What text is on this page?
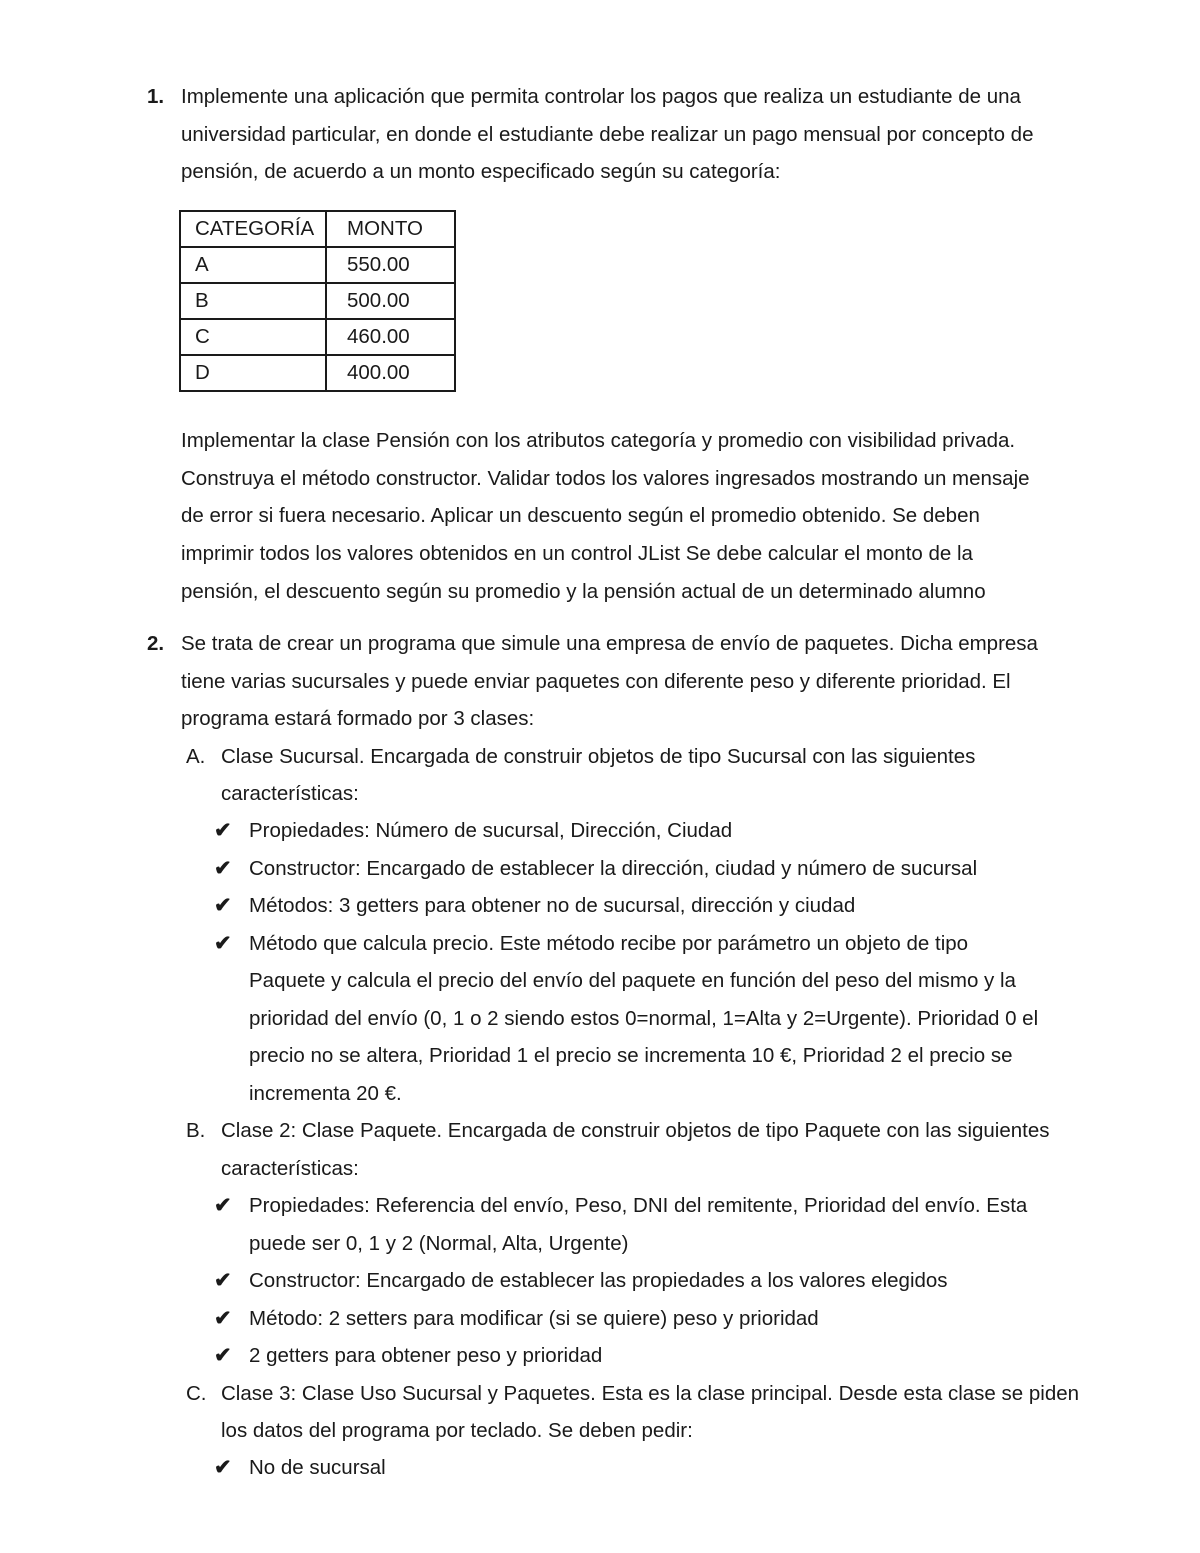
1. Implemente una aplicación que permita controlar los pagos que realiza un estudiante de una
universidad particular, en donde el estudiante debe realizar un pago mensual por concepto de
pensión, de acuerdo a un monto especificado según su categoría:
CATEGORÍA	MONTO
A	550.00
B	500.00
C	460.00
D	400.00
Implementar la clase Pensión con los atributos categoría y promedio con visibilidad privada.
Construya el método constructor. Validar todos los valores ingresados mostrando un mensaje
de error si fuera necesario. Aplicar un descuento según el promedio obtenido. Se deben
imprimir todos los valores obtenidos en un control JList Se debe calcular el monto de la
pensión, el descuento según su promedio y la pensión actual de un determinado alumno
2. Se trata de crear un programa que simule una empresa de envío de paquetes. Dicha empresa
tiene varias sucursales y puede enviar paquetes con diferente peso y diferente prioridad. El
programa estará formado por 3 clases:
A. Clase Sucursal. Encargada de construir objetos de tipo Sucursal con las siguientes
características:
✔ Propiedades: Número de sucursal, Dirección, Ciudad
✔ Constructor: Encargado de establecer la dirección, ciudad y número de sucursal
✔ Métodos: 3 getters para obtener no de sucursal, dirección y ciudad
✔ Método que calcula precio. Este método recibe por parámetro un objeto de tipo
Paquete y calcula el precio del envío del paquete en función del peso del mismo y la
prioridad del envío (0, 1 o 2 siendo estos 0=normal, 1=Alta y 2=Urgente). Prioridad 0 el
precio no se altera, Prioridad 1 el precio se incrementa 10 €, Prioridad 2 el precio se
incrementa 20 €.
B. Clase 2: Clase Paquete. Encargada de construir objetos de tipo Paquete con las siguientes
características:
✔ Propiedades: Referencia del envío, Peso, DNI del remitente, Prioridad del envío. Esta
puede ser 0, 1 y 2 (Normal, Alta, Urgente)
✔ Constructor: Encargado de establecer las propiedades a los valores elegidos
✔ Método: 2 setters para modificar (si se quiere) peso y prioridad
✔ 2 getters para obtener peso y prioridad
C. Clase 3: Clase Uso Sucursal y Paquetes. Esta es la clase principal. Desde esta clase se piden
los datos del programa por teclado. Se deben pedir:
✔ No de sucursal
